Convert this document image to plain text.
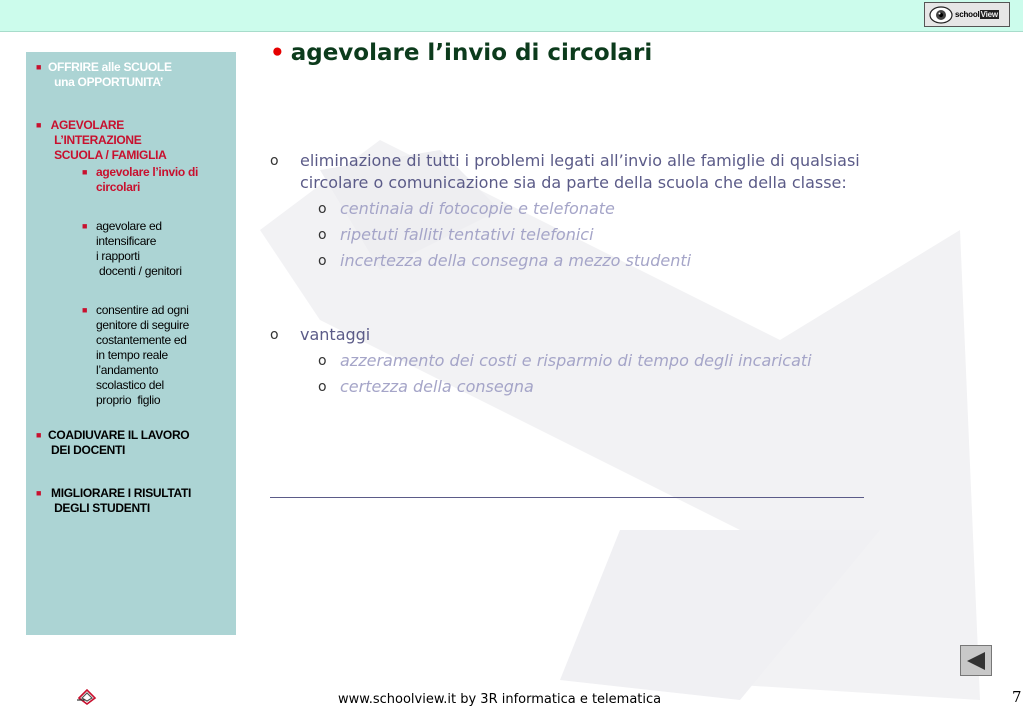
schoolView
■ OFFRIRE alle SCUOLE
una OPPORTUNITA’
■ AGEVOLARE
L’INTERAZIONE
SCUOLA / FAMIGLIA
■ agevolare l’invio di
circolari
■ agevolare ed
intensificare
i rapporti
docenti / genitori
■ consentire ad ogni
genitore di seguire
costantemente ed
in tempo reale
l’andamento
scolastico del
proprio  figlio
■ COADIUVARE IL LAVORO
DEI DOCENTI
■ MIGLIORARE I RISULTATI
DEGLI STUDENTI
• agevolare l’invio di circolari
o	eliminazione di tutti i problemi legati all’invio alle famiglie di qualsiasi circolare o comunicazione sia da parte della scuola che della classe:
o centinaia di fotocopie e telefonate
o ripetuti falliti tentativi telefonici
o incertezza della consegna a mezzo studenti
o	vantaggi
o azzeramento dei costi e risparmio di tempo degli incaricati
o certezza della consegna
www.schoolview.it by 3R informatica e telematica	7
